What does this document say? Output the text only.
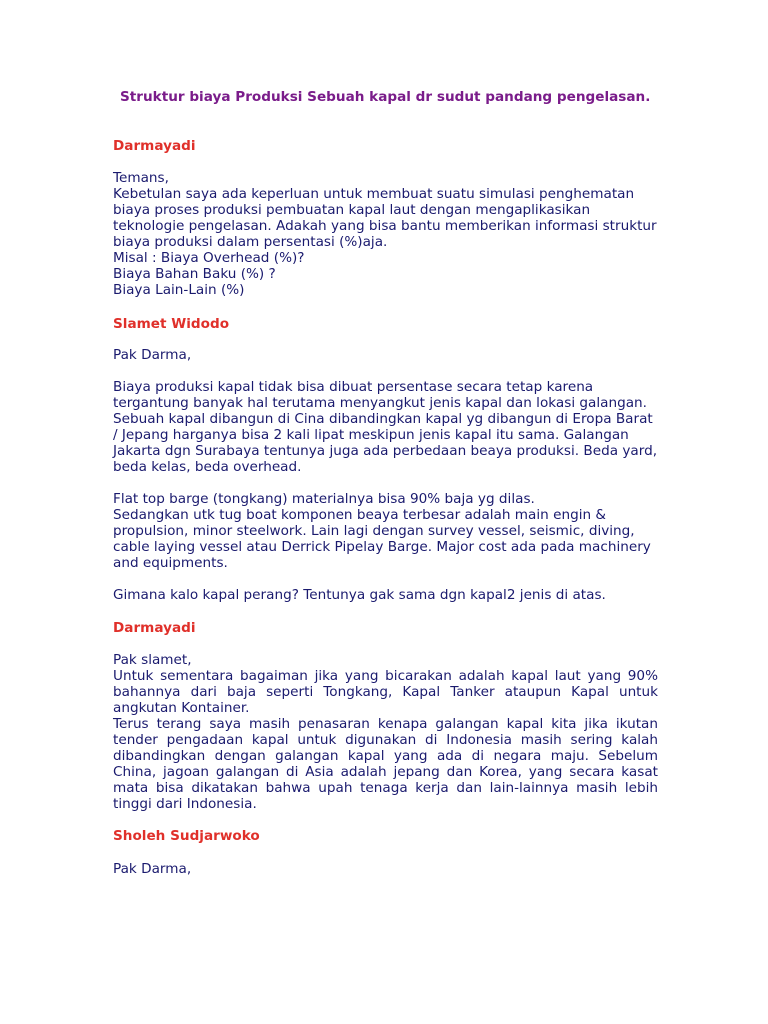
Struktur biaya Produksi Sebuah kapal dr sudut pandang pengelasan.
Darmayadi
Temans,
Kebetulan saya ada keperluan untuk membuat suatu simulasi penghematan
biaya proses produksi pembuatan kapal laut dengan mengaplikasikan
teknologie pengelasan. Adakah yang bisa bantu memberikan informasi struktur
biaya produksi dalam persentasi (%)aja.
Misal : Biaya Overhead (%)?
Biaya Bahan Baku (%) ?
Biaya Lain-Lain (%)
Slamet Widodo
Pak Darma,
Biaya produksi kapal tidak bisa dibuat persentase secara tetap karena
tergantung banyak hal terutama menyangkut jenis kapal dan lokasi galangan.
Sebuah kapal dibangun di Cina dibandingkan kapal yg dibangun di Eropa Barat
/ Jepang harganya bisa 2 kali lipat meskipun jenis kapal itu sama. Galangan
Jakarta dgn Surabaya tentunya juga ada perbedaan beaya produksi. Beda yard,
beda kelas, beda overhead.
Flat top barge (tongkang) materialnya bisa 90% baja yg dilas.
Sedangkan utk tug boat komponen beaya terbesar adalah main engin &
propulsion, minor steelwork. Lain lagi dengan survey vessel, seismic, diving,
cable laying vessel atau Derrick Pipelay Barge. Major cost ada pada machinery
and equipments.
Gimana kalo kapal perang? Tentunya gak sama dgn kapal2 jenis di atas.
Darmayadi
Pak slamet,
Untuk sementara bagaiman jika yang bicarakan adalah kapal laut yang 90%
bahannya dari baja seperti Tongkang, Kapal Tanker ataupun Kapal untuk
angkutan Kontainer.
Terus terang saya masih penasaran kenapa galangan kapal kita jika ikutan
tender pengadaan kapal untuk digunakan di Indonesia masih sering kalah
dibandingkan dengan galangan kapal yang ada di negara maju. Sebelum
China, jagoan galangan di Asia adalah jepang dan Korea, yang secara kasat
mata bisa dikatakan bahwa upah tenaga kerja dan lain-lainnya masih lebih
tinggi dari Indonesia.
Sholeh Sudjarwoko
Pak Darma,
